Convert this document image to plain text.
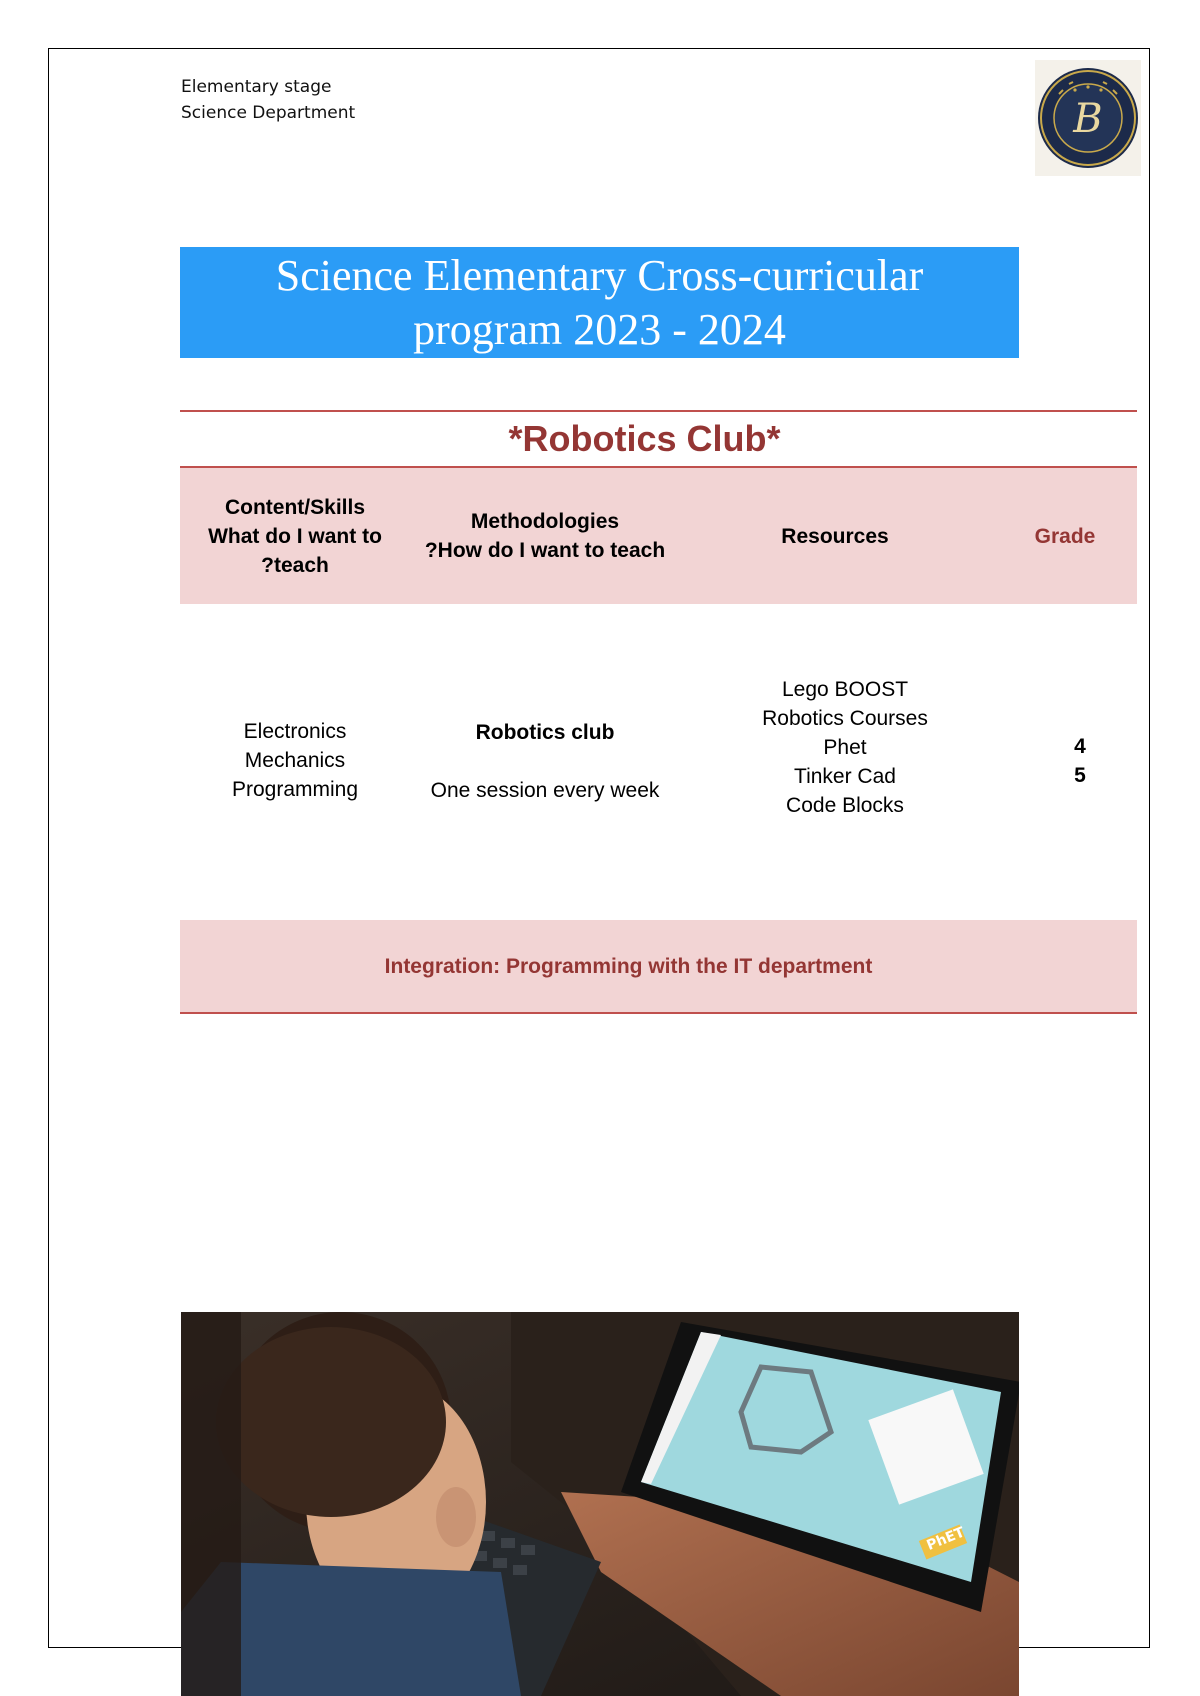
Elementary stage
Science Department	B
Science Elementary Cross-curricular program 2023 - 2024
*Robotics Club*
Content/Skills
What do I want to
?teach
Methodologies
?How do I want to teach
Resources	Grade
Electronics
Mechanics
Programming
Robotics club
One session every week
Lego BOOST
Robotics Courses
Phet
Tinker Cad
Code Blocks
4
5
Integration: Programming with the IT department
PhET
